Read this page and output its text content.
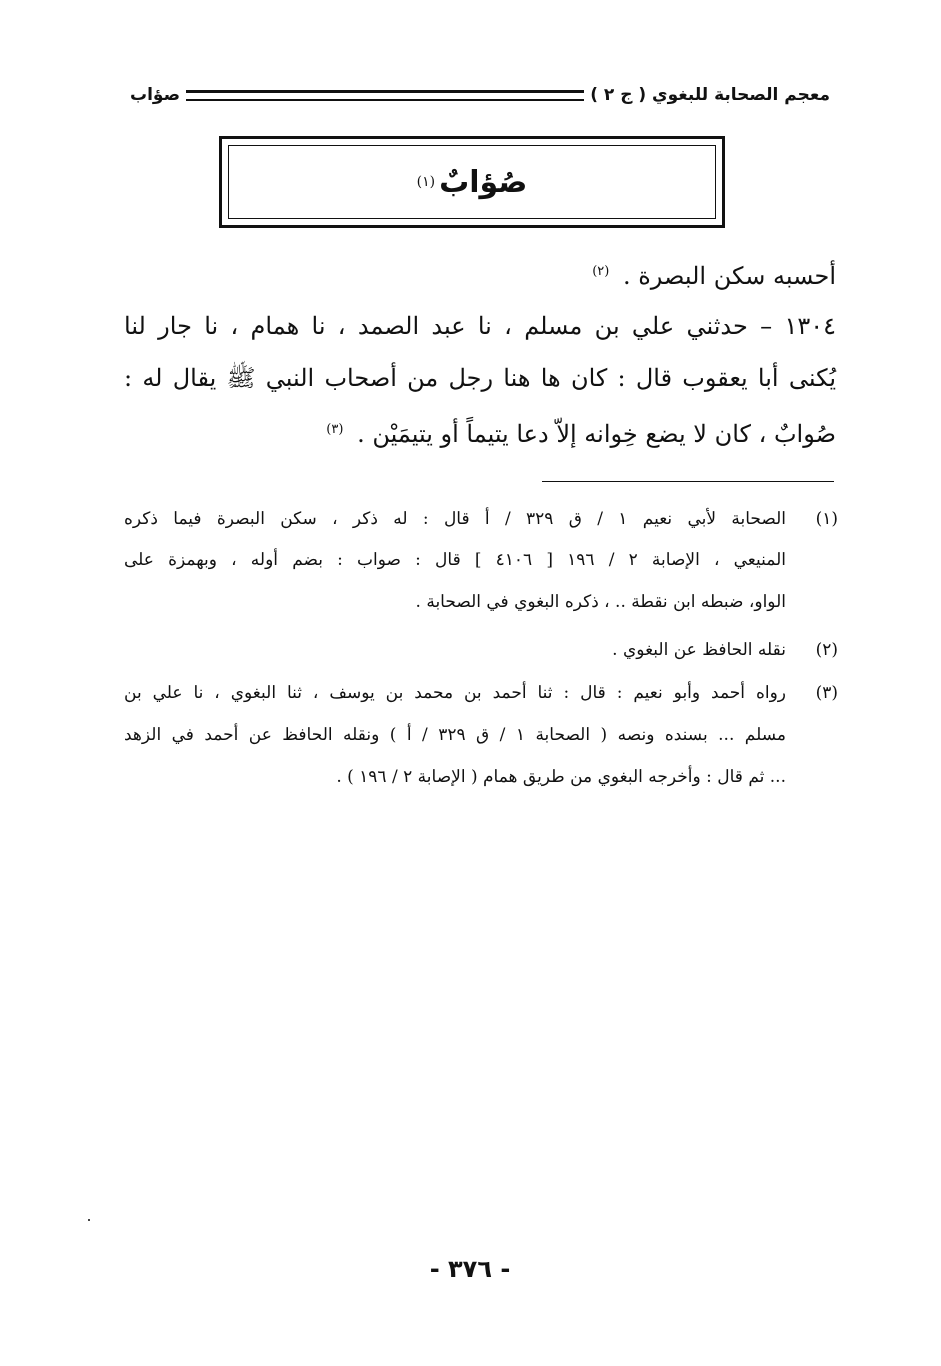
معجم الصحابة للبغوي ( ج ٢ )
صؤاب
صُؤابٌ
(١)
أحسبه سكن البصرة . $^{(٢)}$
١٣٠٤ – حدثني علي بن مسلم ، نا عبد الصمد ، نا همام ، نا جار لنا
يُكنى أبا يعقوب قال : كان ها هنا رجل من أصحاب النبي ﷺ يقال له :
صُوابٌ ، كان لا يضع خِوانه إلاّ دعا يتيماً أو يتيمَيْن . $^{(٣)}$
(١)
الصحابة لأبي نعيم ١ / ق ٣٢٩ / أ قال : له ذكر ، سكن البصرة فيما ذكره
المنيعي ، الإصابة ٢ / ١٩٦ [ ٤١٠٦ ] قال : صواب : بضم أوله ، وبهمزة على
الواو، ضبطه ابن نقطة .. ، ذكره البغوي في الصحابة .
(٢)
نقله الحافظ عن البغوي .
(٣)
رواه أحمد وأبو نعيم : قال : ثنا أحمد بن محمد بن يوسف ، ثنا البغوي ، نا علي بن
مسلم ... بسنده ونصه ( الصحابة ١ / ق ٣٢٩ / أ ) ونقله الحافظ عن أحمد في الزهد
... ثم قال : وأخرجه البغوي من طريق همام ( الإصابة ٢ / ١٩٦ ) .
- ٣٧٦ -
